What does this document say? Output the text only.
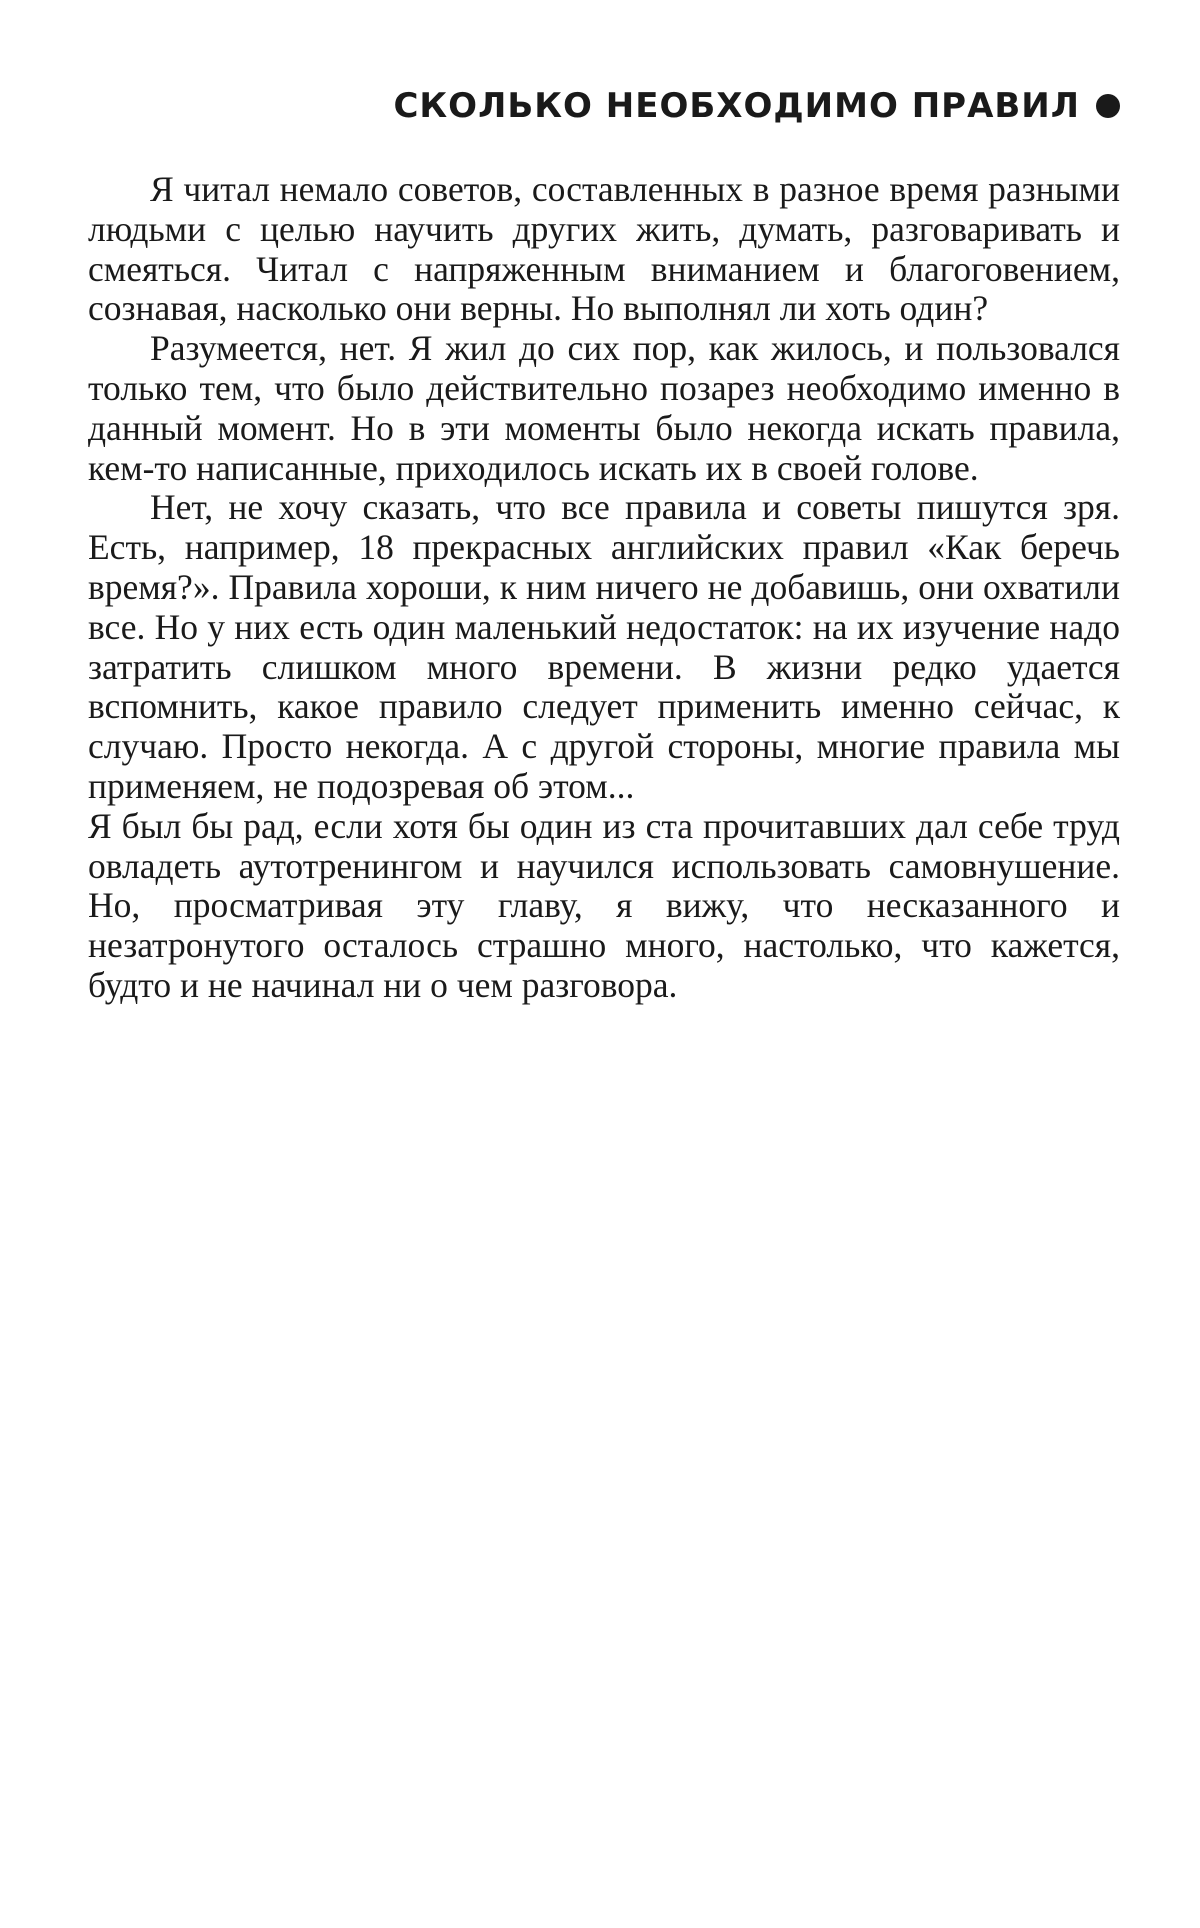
СКОЛЬКО НЕОБХОДИМО ПРАВИЛ

Я читал немало советов, составленных в разное время разными людьми с целью научить других жить, думать, разговаривать и смеяться. Читал с напряженным вниманием и благоговением, сознавая, насколько они верны. Но выполнял ли хоть один?

Разумеется, нет. Я жил до сих пор, как жилось, и пользовался только тем, что было действительно позарез необходимо именно в данный момент. Но в эти моменты было некогда искать правила, кем-то написанные, приходилось искать их в своей голове.

Нет, не хочу сказать, что все правила и советы пишутся зря. Есть, например, 18 прекрасных английских правил «Как беречь время?». Правила хороши, к ним ничего не добавишь, они охватили все. Но у них есть один маленький недостаток: на их изучение надо затратить слишком много времени. В жизни редко удается вспомнить, какое правило следует применить именно сейчас, к случаю. Просто некогда. А с другой стороны, многие правила мы применяем, не подозревая об этом...

Я был бы рад, если хотя бы один из ста прочитавших дал себе труд овладеть аутотренингом и научился использовать самовнушение. Но, просматривая эту главу, я вижу, что несказанного и незатронутого осталось страшно много, настолько, что кажется, будто и не начинал ни о чем разговора.
